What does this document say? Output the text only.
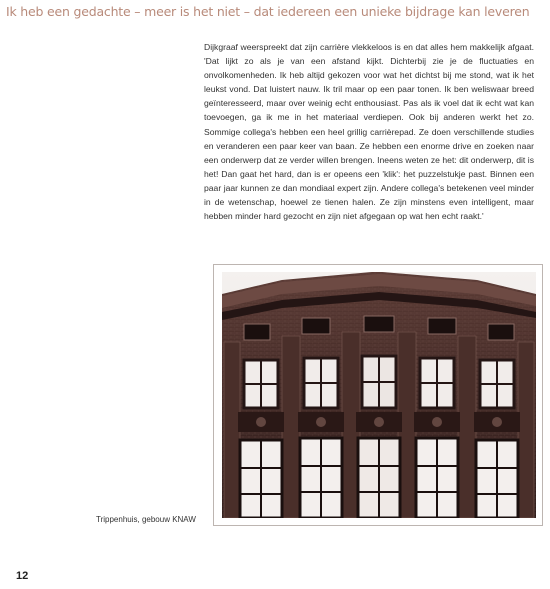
Ik heb een gedachte – meer is het niet – dat iedereen een unieke bijdrage kan leveren

Dijkgraaf weerspreekt dat zijn carrière vlekkeloos is en dat alles hem makkelijk afgaat. 'Dat lijkt zo als je van een afstand kijkt. Dichterbij zie je de fluctuaties en onvolkomenheden. Ik heb altijd gekozen voor wat het dichtst bij me stond, wat ik het leukst vond. Dat luistert nauw. Ik tril maar op een paar tonen. Ik ben weliswaar breed geïnteresseerd, maar over weinig echt enthousiast. Pas als ik voel dat ik echt wat kan toevoegen, ga ik me in het materiaal verdiepen. Ook bij anderen werkt het zo. Sommige collega's hebben een heel grillig carrièrepad. Ze doen verschillende studies en veranderen een paar keer van baan. Ze hebben een enorme drive en zoeken naar een onderwerp dat ze verder willen brengen. Ineens weten ze het: dit onderwerp, dit is het! Dan gaat het hard, dan is er opeens een 'klik': het puzzelstukje past. Binnen een paar jaar kunnen ze dan mondiaal expert zijn. Andere collega's betekenen veel minder in de wetenschap, hoewel ze tienen halen. Ze zijn minstens even intelligent, maar hebben minder hard gezocht en zijn niet afgegaan op wat hen echt raakt.'

Trippenhuis, gebouw KNAW
12
